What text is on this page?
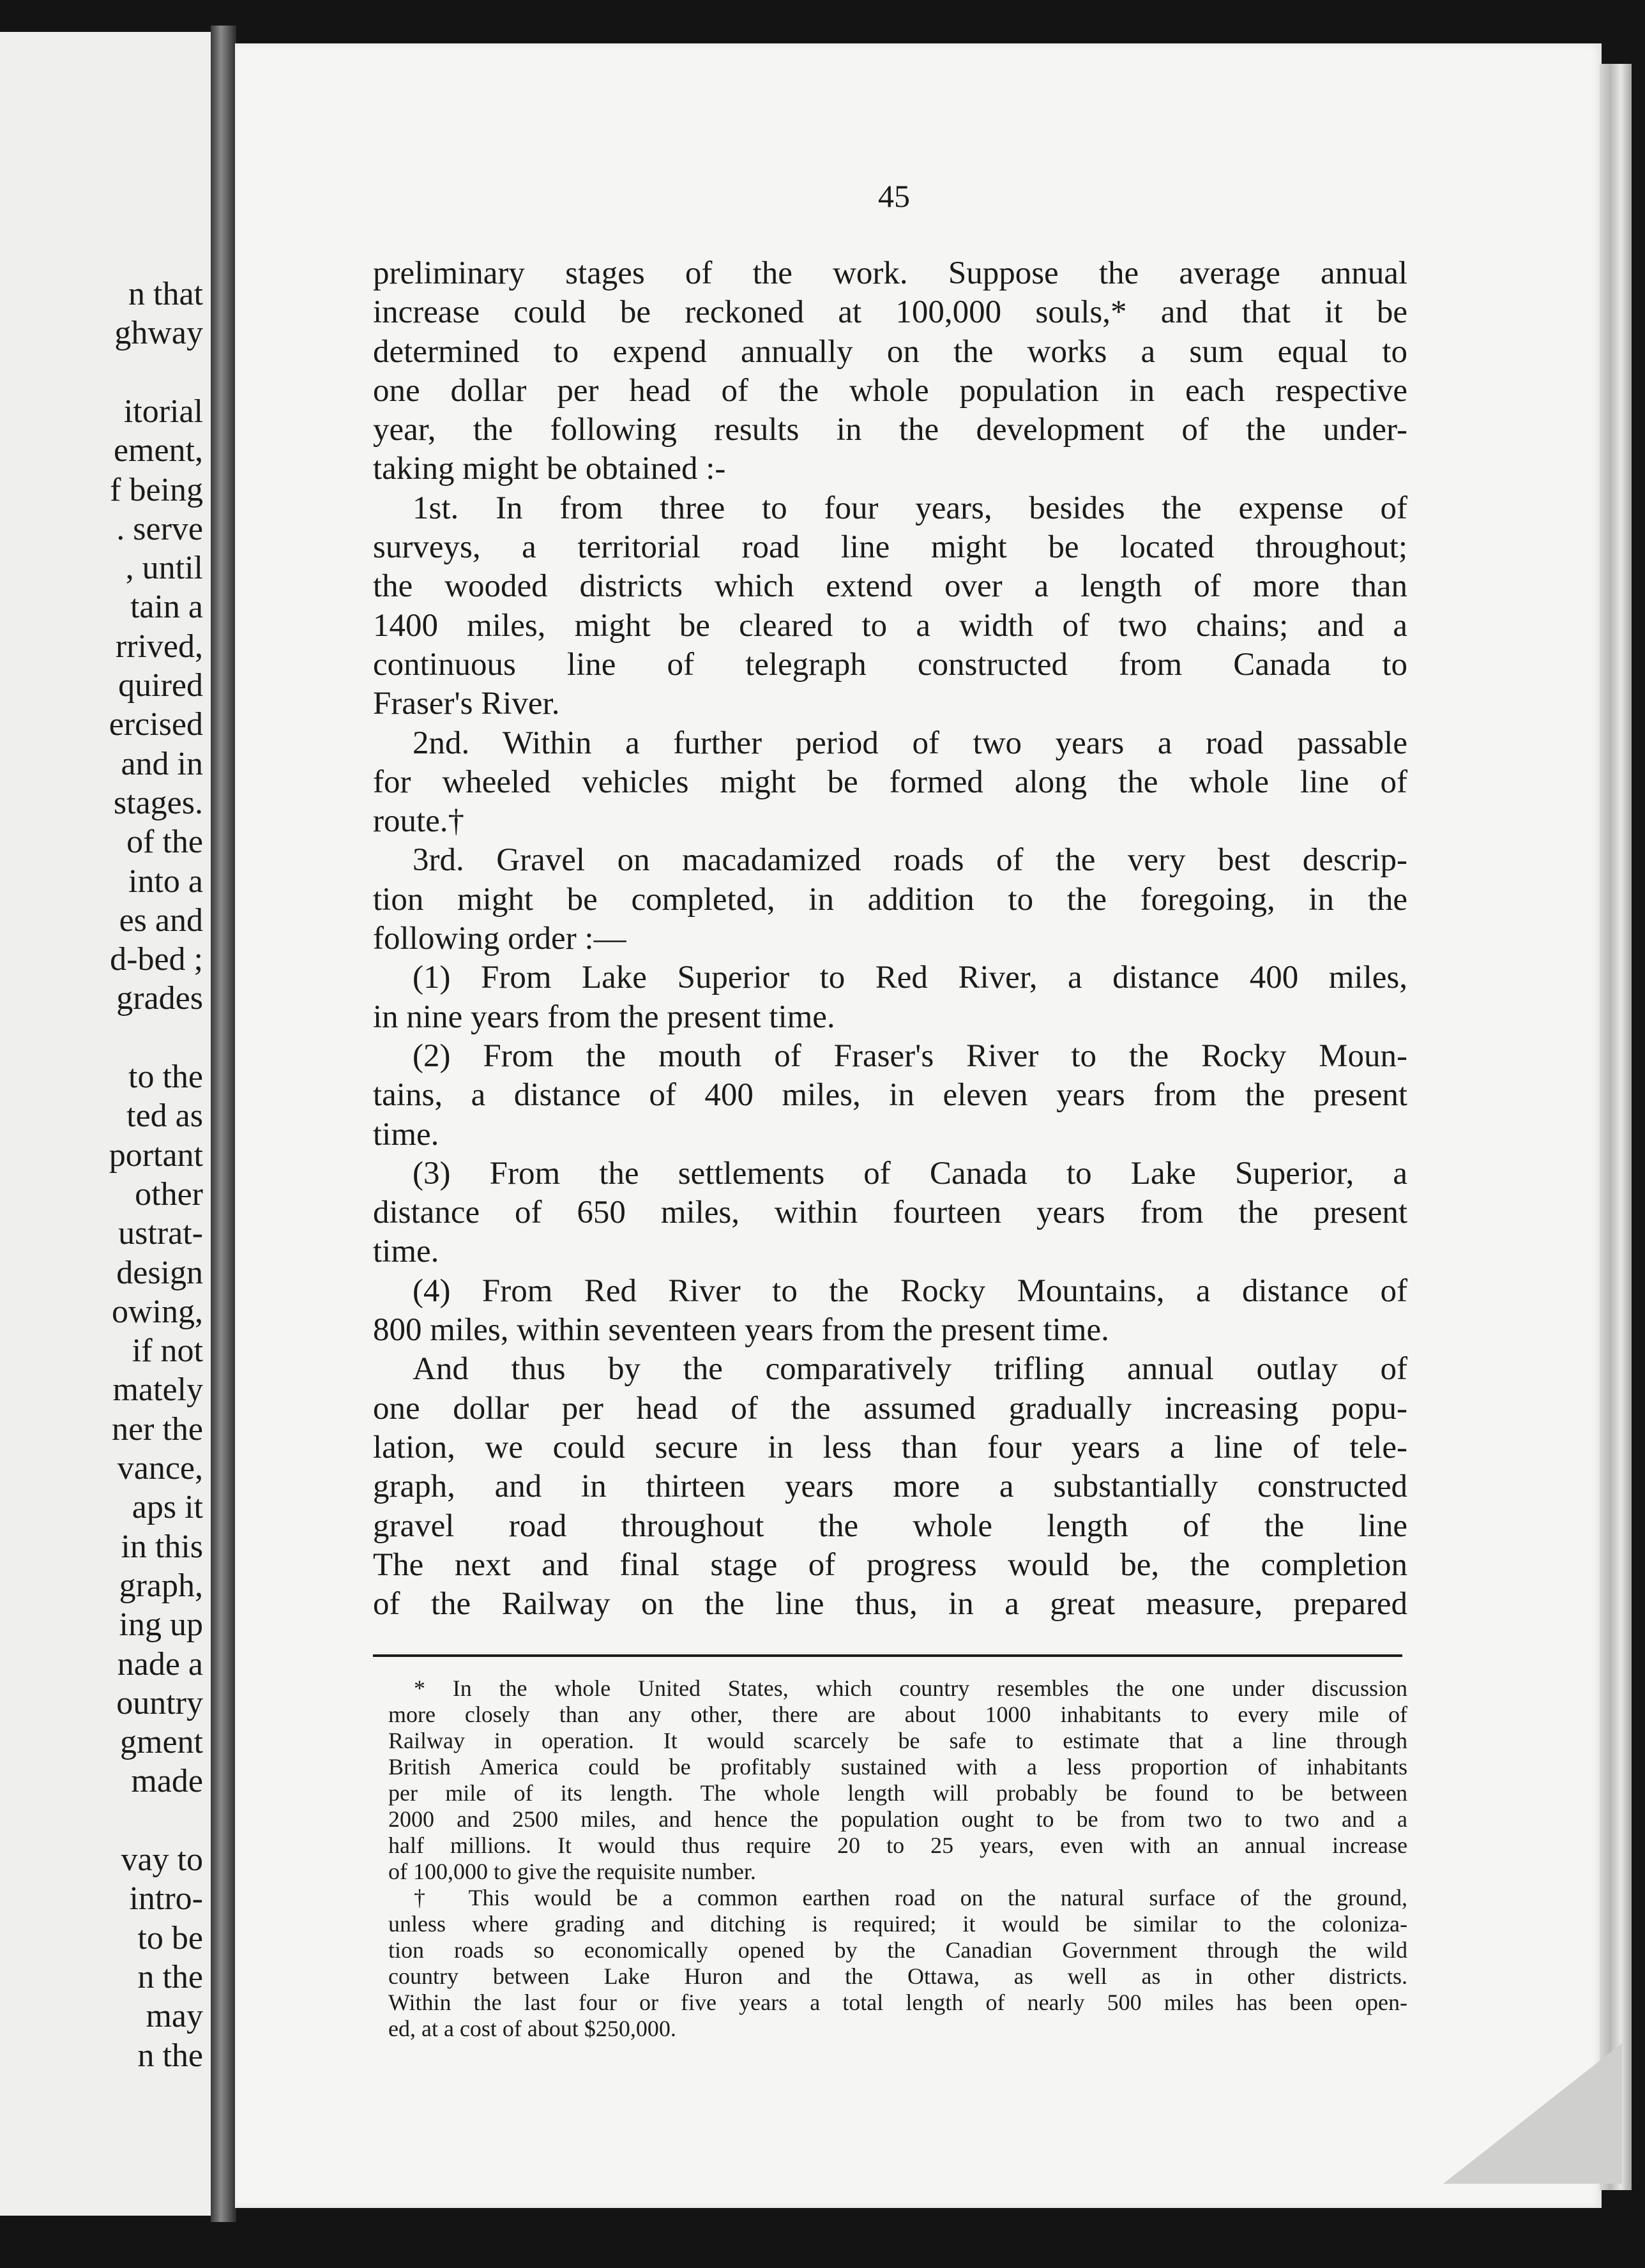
n that
ghway
itorial
ement,
f being
. serve
, until
tain a
rrived,
quired
ercised
and in
stages.
of the
into a
es and
d-bed ;
grades
to the
ted as
portant
other
ustrat-
design
owing,
if not
mately
ner the
vance,
aps it
in this
graph,
ing up
nade a
ountry
gment
made
vay to
intro-
to be
n the
may
n the
45
preliminary stages of the work. Suppose the average annual
increase could be reckoned at 100,000 souls,* and that it be
determined to expend annually on the works a sum equal to
one dollar per head of the whole population in each respective
year, the following results in the development of the under-
taking might be obtained :-
1st. In from three to four years, besides the expense of
surveys, a territorial road line might be located throughout;
the wooded districts which extend over a length of more than
1400 miles, might be cleared to a width of two chains; and a
continuous line of telegraph constructed from Canada to
Fraser's River.
2nd. Within a further period of two years a road passable
for wheeled vehicles might be formed along the whole line of
route.†
3rd. Gravel on macadamized roads of the very best descrip-
tion might be completed, in addition to the foregoing, in the
following order :—
(1) From Lake Superior to Red River, a distance 400 miles,
in nine years from the present time.
(2) From the mouth of Fraser's River to the Rocky Moun-
tains, a distance of 400 miles, in eleven years from the present
time.
(3) From the settlements of Canada to Lake Superior, a
distance of 650 miles, within fourteen years from the present
time.
(4) From Red River to the Rocky Mountains, a distance of
800 miles, within seventeen years from the present time.
And thus by the comparatively trifling annual outlay of
one dollar per head of the assumed gradually increasing popu-
lation, we could secure in less than four years a line of tele-
graph, and in thirteen years more a substantially constructed
gravel road throughout the whole length of the line
The next and final stage of progress would be, the completion
of the Railway on the line thus, in a great measure, prepared
* In the whole United States, which country resembles the one under discussion
more closely than any other, there are about 1000 inhabitants to every mile of
Railway in operation. It would scarcely be safe to estimate that a line through
British America could be profitably sustained with a less proportion of inhabitants
per mile of its length. The whole length will probably be found to be between
2000 and 2500 miles, and hence the population ought to be from two to two and a
half millions. It would thus require 20 to 25 years, even with an annual increase
of 100,000 to give the requisite number.
† This would be a common earthen road on the natural surface of the ground,
unless where grading and ditching is required; it would be similar to the coloniza-
tion roads so economically opened by the Canadian Government through the wild
country between Lake Huron and the Ottawa, as well as in other districts.
Within the last four or five years a total length of nearly 500 miles has been open-
ed, at a cost of about $250,000.
